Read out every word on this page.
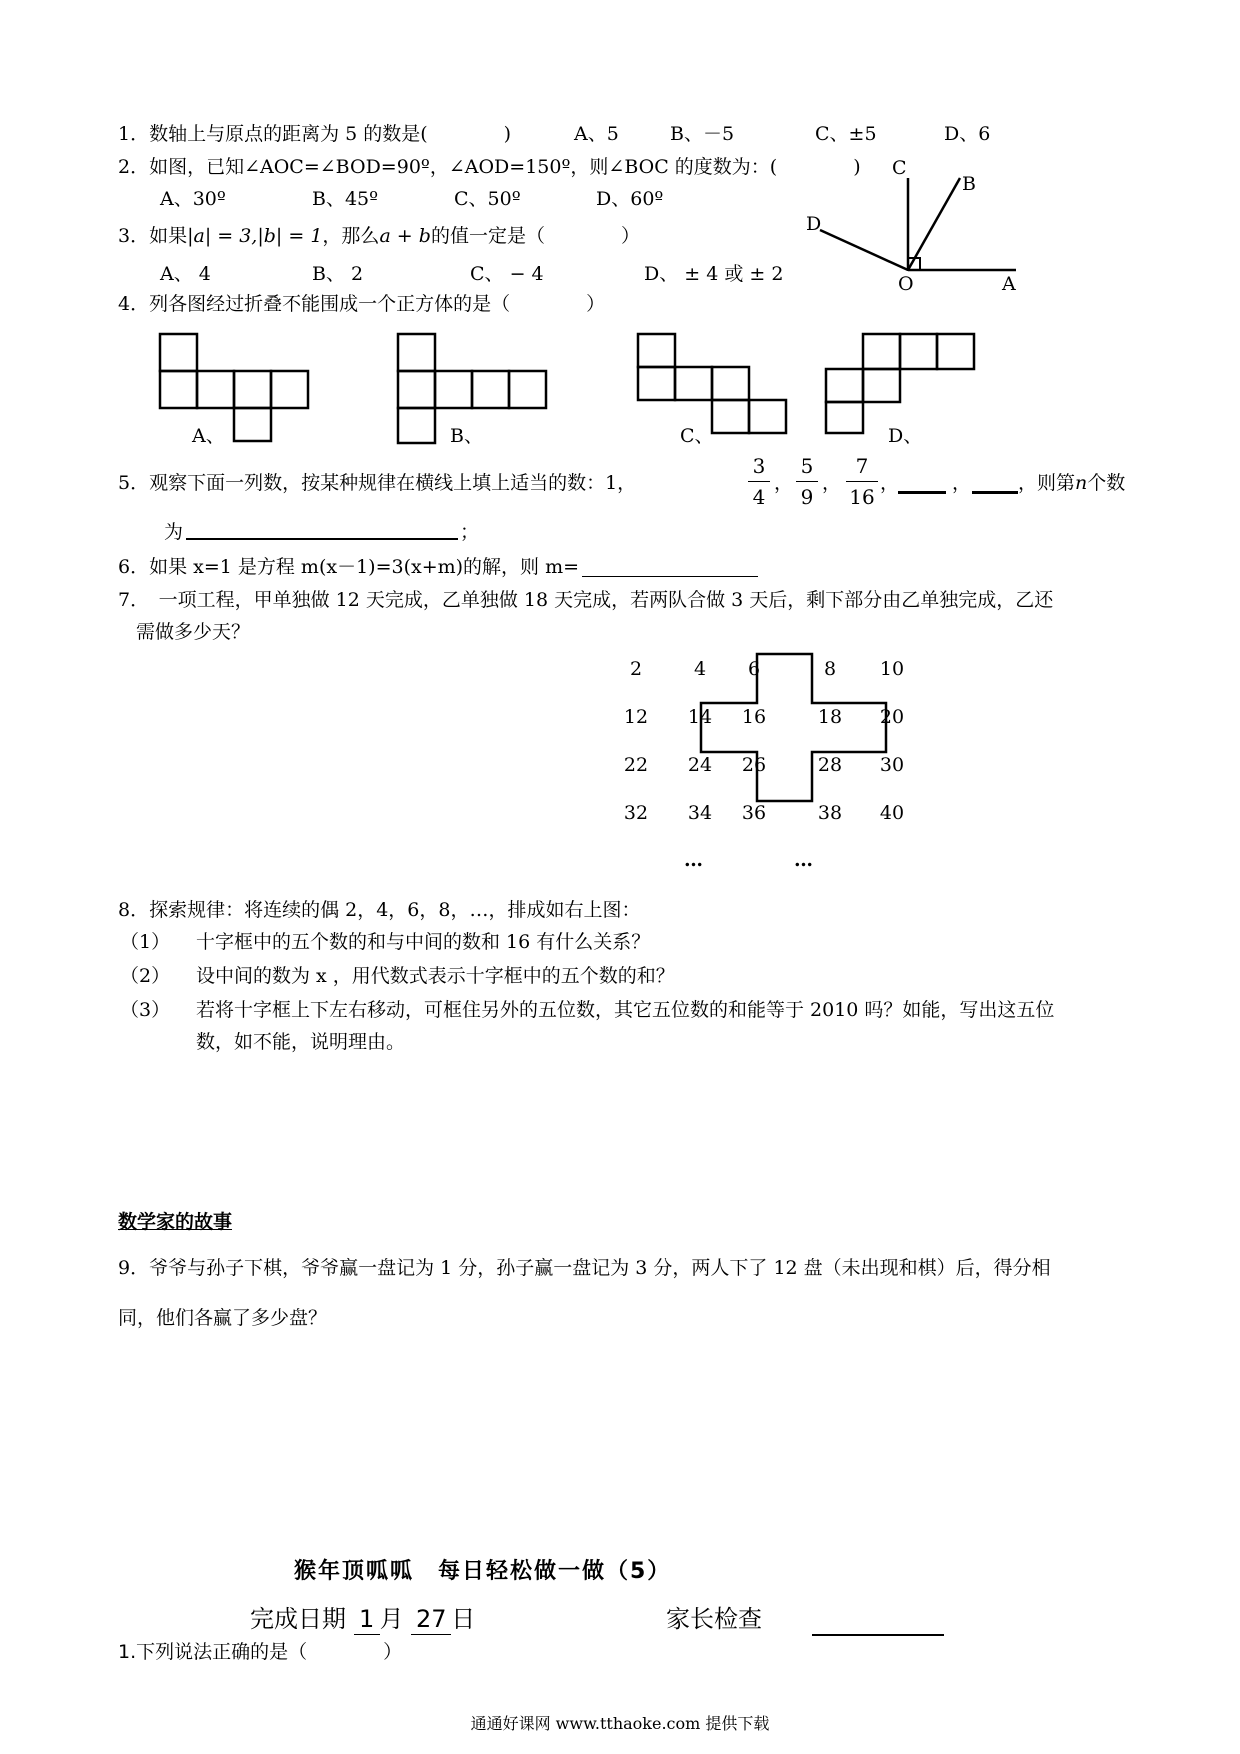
1．数轴上与原点的距离为 5 的数是(　　　　)	A、5	B、－5	C、±5	D、6
2．如图，已知∠AOC=∠BOD=90º，∠AOD=150º，则∠BOC 的度数为：(　　　　)
A、30º	B、45º	C、50º	D、60º
C
B
D
O	A
3．如果|a| = 3,|b| = 1，那么a + b的值一定是（　　　　）
A、 4	B、 2	C、 − 4	D、 ± 4 或 ± 2
4．列各图经过折叠不能围成一个正方体的是（　　　　）
A、	B、	C、	D、
5．观察下面一列数，按某种规律在横线上填上适当的数：1，
3
4
，
5
9
，
7
16
，	， ，则第n个数
为	；
6．如果 x=1 是方程 m(x－1)=3(x+m)的解，则 m=
7．　一项工程，甲单独做 12 天完成，乙单独做 18 天完成，若两队合做 3 天后，剩下部分由乙单独完成，乙还
需做多少天？
2	4	6	8	10
12	14	16	18	20
22	24	26	28	30
32	34	36	38	40
…	…
8．探索规律：将连续的偶 2，4，6，8，…，排成如右上图：
（1） 十字框中的五个数的和与中间的数和 16 有什么关系？
（2） 设中间的数为 x ，用代数式表示十字框中的五个数的和？
（3） 若将十字框上下左右移动，可框住另外的五位数，其它五位数的和能等于 2010 吗？如能，写出这五位
数，如不能，说明理由。
数学家的故事
9．爷爷与孙子下棋，爷爷赢一盘记为 1 分，孙子赢一盘记为 3 分，两人下了 12 盘（未出现和棋）后，得分相
同，他们各赢了多少盘？
猴年顶呱呱　每日轻松做一做（5）
完成日期 1 月 27 日	家长检查
1.下列说法正确的是（　　　　）
通通好课网 www.tthaoke.com 提供下载
